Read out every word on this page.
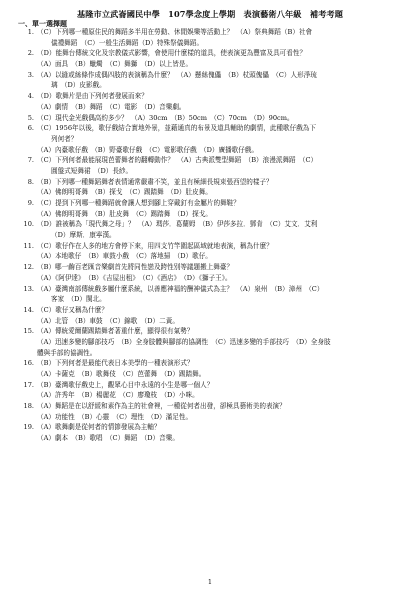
基隆市立武崙國民中學　107學念度上學期　表演藝術八年級　補考考題
一、單一選擇題
1. （C）下列哪一種原住民的舞蹈多半用在勞動、休閒娛樂等活動上？　（A）祭典舞蹈（B）社會
儀禮舞蹈　（C）一般生活舞蹈（D）特殊祭儀舞蹈。
2. （D）能舞台傳統文化及宗教儀式影響，會使用什麼樣的道具，使表演更為豐富及具可看性？
（A）面具　（B）蠟燭　（C）舞獅　（D）以上皆是。
3. （A）以縫或絲條作成偶四肢的表演稱為什麼？　（A）懸絲傀儡　（B）杖頭傀儡　（C）人形淨琉
璃　（D）皮影戲。
4. （D）歌舞片是由下列何者發展而來？
（A）劇情　（B）舞蹈　（C）電影　（D）音樂劇。
5. （C）現代金光戲偶高約多少？　（A）30cm　（B）50cm　（C）70cm　（D）90cm。
6. （C）1956年以後，歌仔戲結合實地外景，並藉通真的布景及道具輔助的劇情，此種歌仔戲為下
列何者？
（A）內臺歌仔戲　（B）野臺歌仔戲　（C）電影歌仔戲　（D）廣播歌仔戲。
7. （C）下列何者最能展現芭蕾舞者的翻轉動作？　（A）古典派雙型舞蹈　（B）浪漫派舞蹈　（C）
圓盤式短舞裙　（D）長紗。
8. （B）下列哪一種舞蹈舞者表情通常嚴肅不笑，並且有極細長規束張西望的樣子？
（A）佛朗明哥舞　（B）探戈　（C）踢踏舞　（D）肚皮舞。
9. （C）提到下列哪一種舞蹈就會讓人想到腳上穿戴釘有金屬片的舞鞋？
（A）佛朗明哥舞　（B）肚皮舞　（C）踢踏舞　（D）探戈。
10. （D）誰被稱為「現代舞之母」？　（A）瑪莎．葛蘭姆　（B）伊莎多拉．鄧肯　（C）艾文．艾利
（D）摩斯．康寧漢。
11. （C）歌仔作在人多的地方會停下來，用四支竹竿圍起區域就地表演，稱為什麼？
（A）本地歌仔　（B）車鼓小戲　（C）落地掃　（D）歌仔。
12. （B）哪一齣百老匯音樂劇首先將同性戀及跨性別等議題搬上舞臺？
（A）《阿伊達》　（B）《吉屋出租》　（C）《酒店》　（D）《獅子王》。
13. （A）臺灣南部傳統戲多屬什麼系統，以善應神福的酬神儀式為主？　（A）泉州　（B）漳州　（C）
客家　（D）閩北。
14. （C）歌仔又稱為什麼？
（A）北管　（B）車鼓　（C）錦歌　（D）二黃。
15. （A）傳統愛爾蘭踢踏舞者著重什麼，顯得很有氣勢？
（A）迅速多變的腳部技巧　（B）全身肢體與腳部的協調性　（C）迅速多變的手部技巧　（D）全身肢
體與手部的協調性。
16. （B）下列何者是最能代表日本美學的一種表演形式？
（A）卡薩克　（B）歌舞伎　（C）芭蕾舞　（D）踢踏舞。
17. （B）臺灣歌仔戲史上，觀眾心目中永遠的小生是哪一個人？
（A）許秀年　（B）楊麗花　（C）廖瓊枝　（D）小咪。
18. （A）舞蹈是在以舒緩和素作為主的社會裡，一種從何者出發，卻極具藝術美的表演？
（A）功能性　（B）心靈　（C）理性　（D）滿足性。
19. （A）歌舞劇是從何者的情節發展為主軸？
（A）劇本　（B）歌唱　（C）舞蹈　（D）音樂。
1
